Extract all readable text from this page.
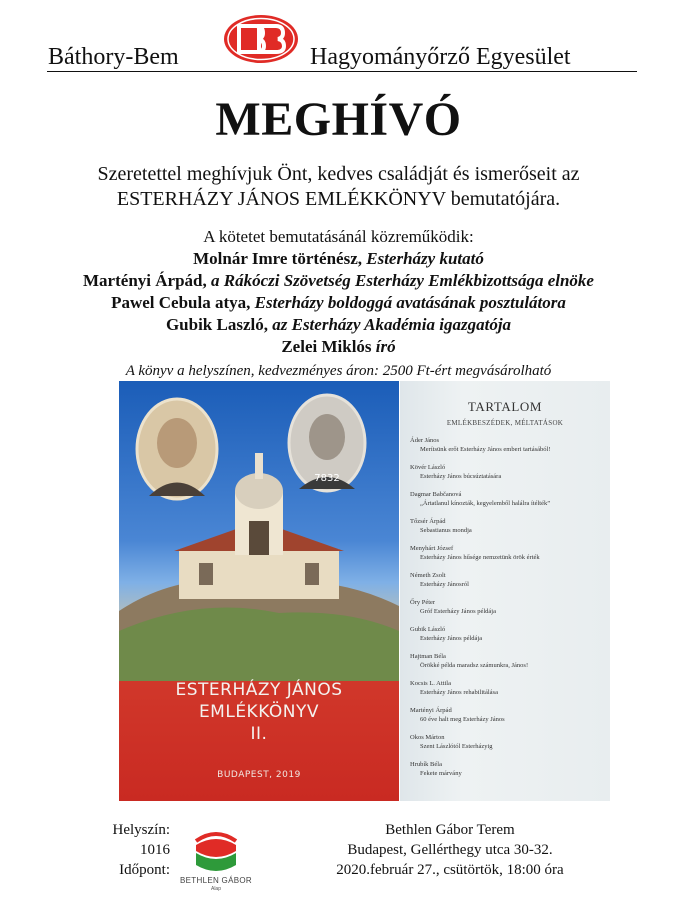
Báthory-Bem	Hagyományőrző Egyesület
MEGHÍVÓ
Szeretettel meghívjuk Önt, kedves családját és ismerőseit az
ESTERHÁZY JÁNOS EMLÉKKÖNYV bemutatójára.
A kötetet bemutatásánál közreműködik:
Molnár Imre történész, Esterházy kutató
Martényi Árpád, a Rákóczi Szövetség Esterházy Emlékbizottsága elnöke
Pawel Cebula atya, Esterházy boldoggá avatásának posztulátora
Gubik Laszló, az Esterházy Akadémia igazgatója
Zelei Miklós író
A könyv a helyszínen, kedvezményes áron: 2500 Ft-ért megvásárolható
7832
ESTERHÁZY JÁNOS
EMLÉKKÖNYV
II.
BUDAPEST, 2019
TARTALOM
EMLÉKBESZÉDEK, MÉLTATÁSOK
Áder János
Merítsünk erőt Esterházy János emberi tartásából!
Kövér László
Esterházy János búcsúztatására
Dagmar Babčanová
„Ártatlanul kínozták, kegyelemből halálra ítélték”
Tőzsér Árpád
Sebastianus mondja
Menyhárt József
Esterházy János hűsége nemzetünk örök érték
Németh Zsolt
Esterházy Jánosról
Őry Péter
Gróf Esterházy János példája
Gubik László
Esterházy János példája
Hajtman Béla
Örökké példa maradsz számunkra, János!
Kocsis L. Attila
Esterházy János rehabilitálása
Martényi Árpád
60 éve halt meg Esterházy János
Okos Márton
Szent Lászlótól Esterházyig
Hrubík Béla
Fekete márvány
Helyszín:
1016
Időpont:
BETHLEN GÁBOR
Alap
Bethlen Gábor Terem
Budapest, Gellérthegy utca 30-32.
2020.február 27., csütörtök, 18:00 óra
